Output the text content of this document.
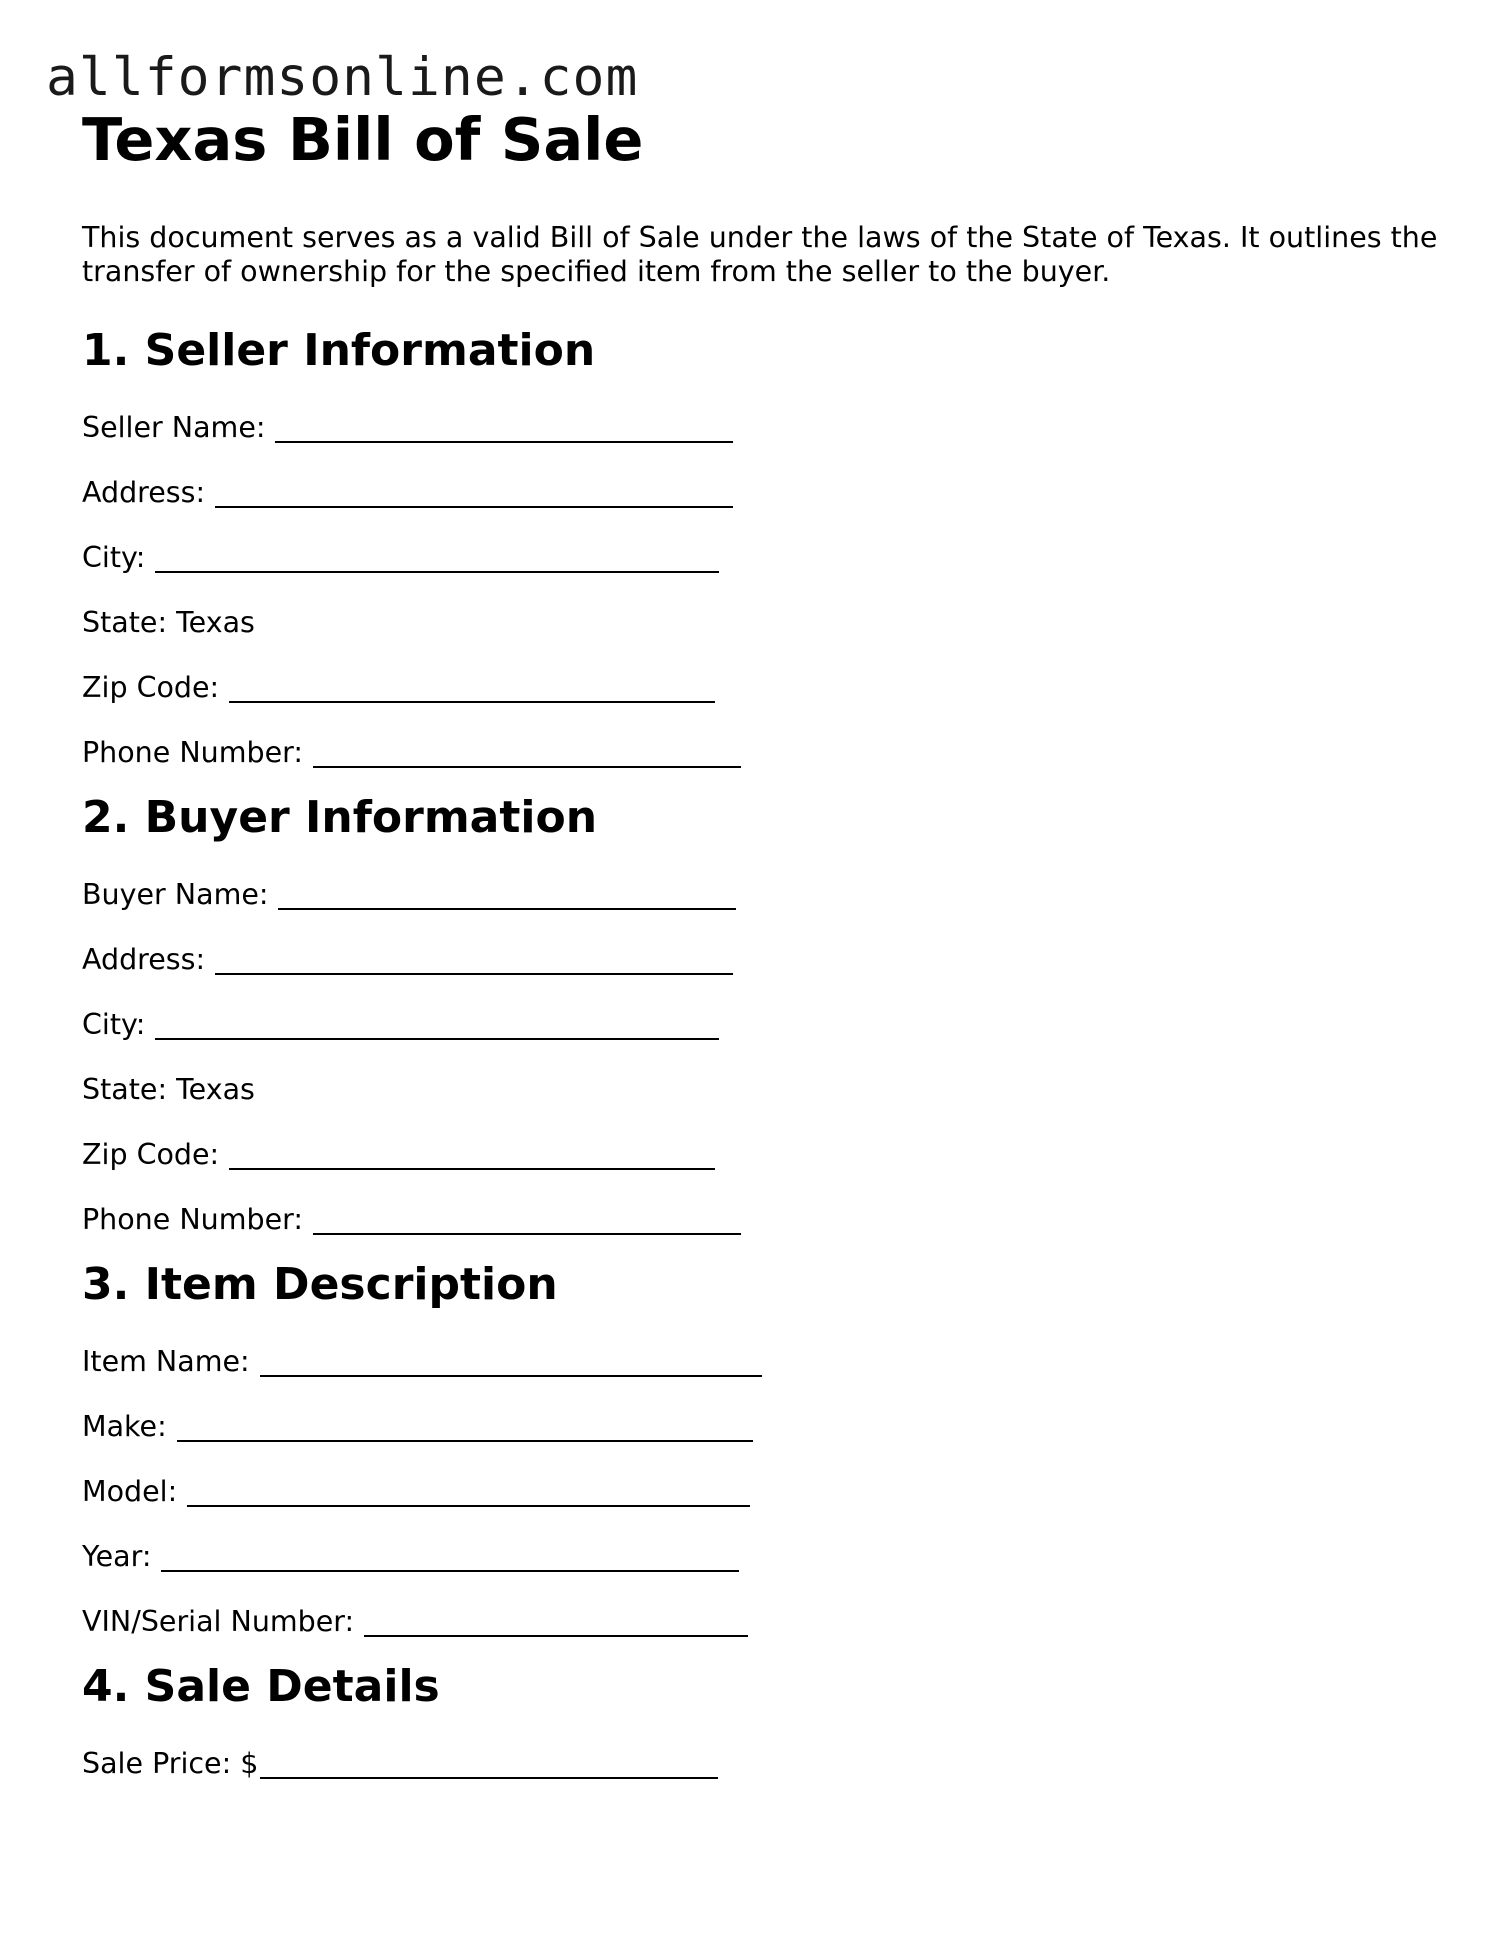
allformsonline.com
Texas Bill of Sale

This document serves as a valid Bill of Sale under the laws of the State of Texas. It outlines the transfer of ownership for the specified item from the seller to the buyer.

1. Seller Information
Seller Name:
Address:
City:
State: Texas
Zip Code:
Phone Number:
2. Buyer Information
Buyer Name:
Address:
City:
State: Texas
Zip Code:
Phone Number:
3. Item Description
Item Name:
Make:
Model:
Year:
VIN/Serial Number:
4. Sale Details
Sale Price: $
